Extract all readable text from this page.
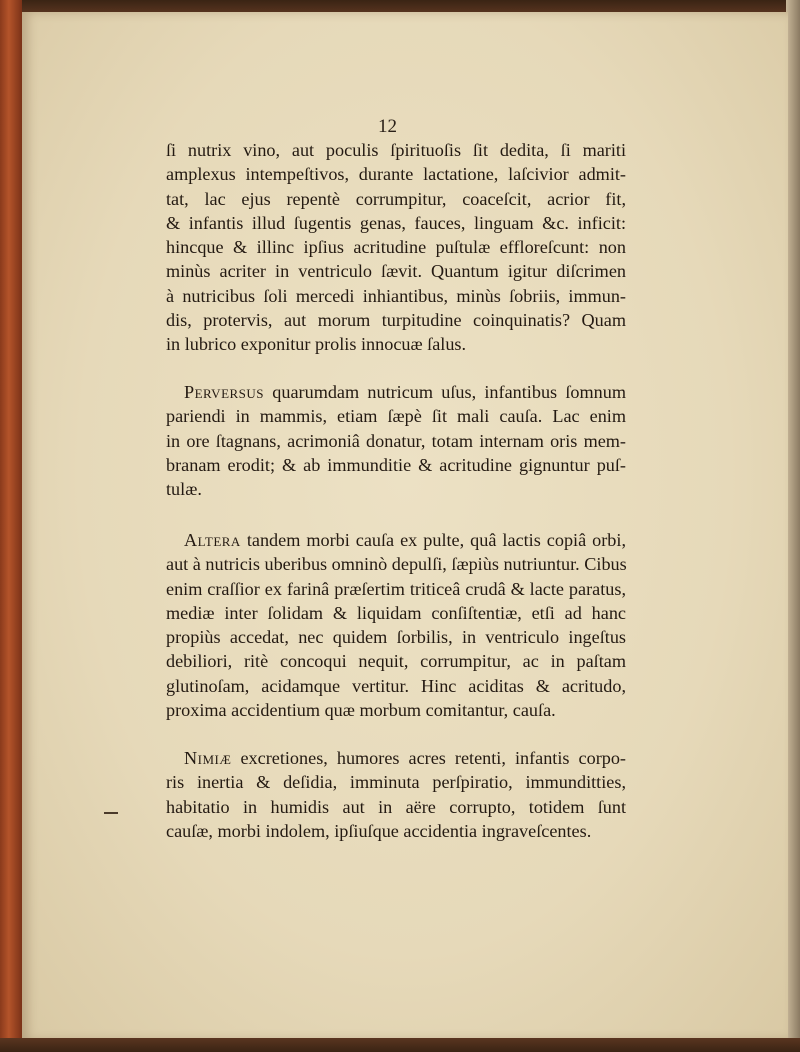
12
ſi nutrix vino, aut poculis ſpirituoſis ſit dedita, ſi mariti
amplexus intempeſtivos, durante lactatione, laſcivior admit-
tat, lac ejus repentè corrumpitur, coaceſcit, acrior fit,
& infantis illud ſugentis genas, fauces, linguam &c. inficit:
hincque & illinc ipſius acritudine puſtulæ effloreſcunt: non
minùs acriter in ventriculo ſævit. Quantum igitur diſcrimen
à nutricibus ſoli mercedi inhiantibus, minùs ſobriis, immun-
dis, protervis, aut morum turpitudine coinquinatis? Quam
in lubrico exponitur prolis innocuæ ſalus.
Perversus quarumdam nutricum uſus, infantibus ſomnum
pariendi in mammis, etiam ſæpè ſit mali cauſa. Lac enim
in ore ſtagnans, acrimoniâ donatur, totam internam oris mem-
branam erodit; & ab immunditie & acritudine gignuntur puſ-
tulæ.
Altera tandem morbi cauſa ex pulte, quâ lactis copiâ orbi,
aut à nutricis uberibus omninò depulſi, ſæpiùs nutriuntur. Cibus
enim craſſior ex farinâ præſertim triticeâ crudâ & lacte paratus,
mediæ inter ſolidam & liquidam conſiſtentiæ, etſi ad hanc
propiùs accedat, nec quidem ſorbilis, in ventriculo ingeſtus
debiliori, ritè concoqui nequit, corrumpitur, ac in paſtam
glutinoſam, acidamque vertitur. Hinc aciditas & acritudo,
proxima accidentium quæ morbum comitantur, cauſa.
Nimiæ excretiones, humores acres retenti, infantis corpo-
ris inertia & deſidia, imminuta perſpiratio, immunditties,
habitatio in humidis aut in aëre corrupto, totidem ſunt
cauſæ, morbi indolem, ipſiuſque accidentia ingraveſcentes.
